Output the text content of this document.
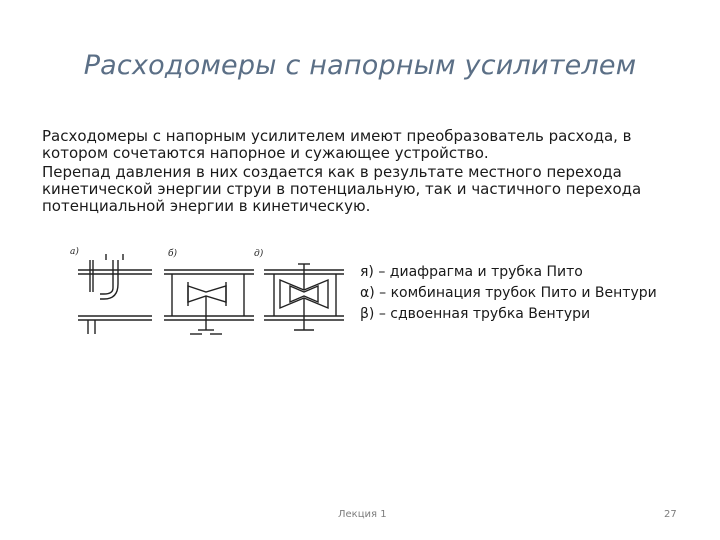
Расходомеры с напорным усилителем

Расходомеры с напорным усилителем имеют преобразователь расхода, в котором сочетаются напорное и сужающее устройство.

Перепад давления в них создается как в результате местного перехода кинетической энергии струи в потенциальную, так и частичного перехода потенциальной энергии в кинетическую.

a)	б)	д)
я) – диафрагма и трубка Пито
α) – комбинация трубок Пито и Вентури
β) – сдвоенная трубка Вентури
Лекция 1	27
